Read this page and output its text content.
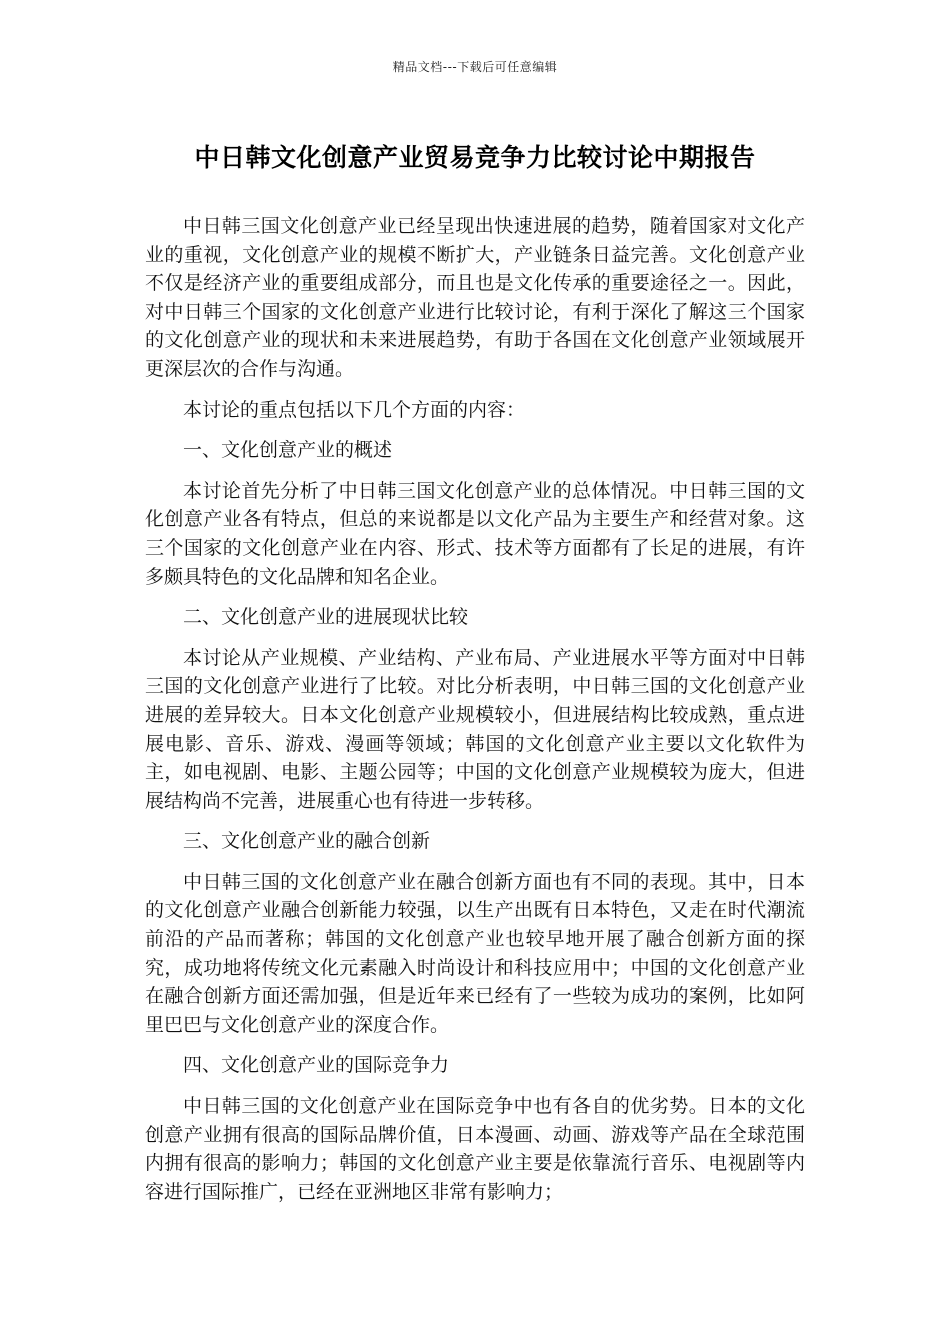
精品文档---下载后可任意编辑
中日韩文化创意产业贸易竞争力比较讨论中期报告

中日韩三国文化创意产业已经呈现出快速进展的趋势，随着国家对文化产业的重视，文化创意产业的规模不断扩大，产业链条日益完善。文化创意产业不仅是经济产业的重要组成部分，而且也是文化传承的重要途径之一。因此，对中日韩三个国家的文化创意产业进行比较讨论，有利于深化了解这三个国家的文化创意产业的现状和未来进展趋势，有助于各国在文化创意产业领域展开更深层次的合作与沟通。

本讨论的重点包括以下几个方面的内容：

一、文化创意产业的概述

本讨论首先分析了中日韩三国文化创意产业的总体情况。中日韩三国的文化创意产业各有特点，但总的来说都是以文化产品为主要生产和经营对象。这三个国家的文化创意产业在内容、形式、技术等方面都有了长足的进展，有许多颇具特色的文化品牌和知名企业。

二、文化创意产业的进展现状比较

本讨论从产业规模、产业结构、产业布局、产业进展水平等方面对中日韩三国的文化创意产业进行了比较。对比分析表明，中日韩三国的文化创意产业进展的差异较大。日本文化创意产业规模较小，但进展结构比较成熟，重点进展电影、音乐、游戏、漫画等领域；韩国的文化创意产业主要以文化软件为主，如电视剧、电影、主题公园等；中国的文化创意产业规模较为庞大，但进展结构尚不完善，进展重心也有待进一步转移。

三、文化创意产业的融合创新

中日韩三国的文化创意产业在融合创新方面也有不同的表现。其中，日本的文化创意产业融合创新能力较强，以生产出既有日本特色，又走在时代潮流前沿的产品而著称；韩国的文化创意产业也较早地开展了融合创新方面的探究，成功地将传统文化元素融入时尚设计和科技应用中；中国的文化创意产业在融合创新方面还需加强，但是近年来已经有了一些较为成功的案例，比如阿里巴巴与文化创意产业的深度合作。

四、文化创意产业的国际竞争力

中日韩三国的文化创意产业在国际竞争中也有各自的优劣势。日本的文化创意产业拥有很高的国际品牌价值，日本漫画、动画、游戏等产品在全球范围内拥有很高的影响力；韩国的文化创意产业主要是依靠流行音乐、电视剧等内容进行国际推广，已经在亚洲地区非常有影响力；
